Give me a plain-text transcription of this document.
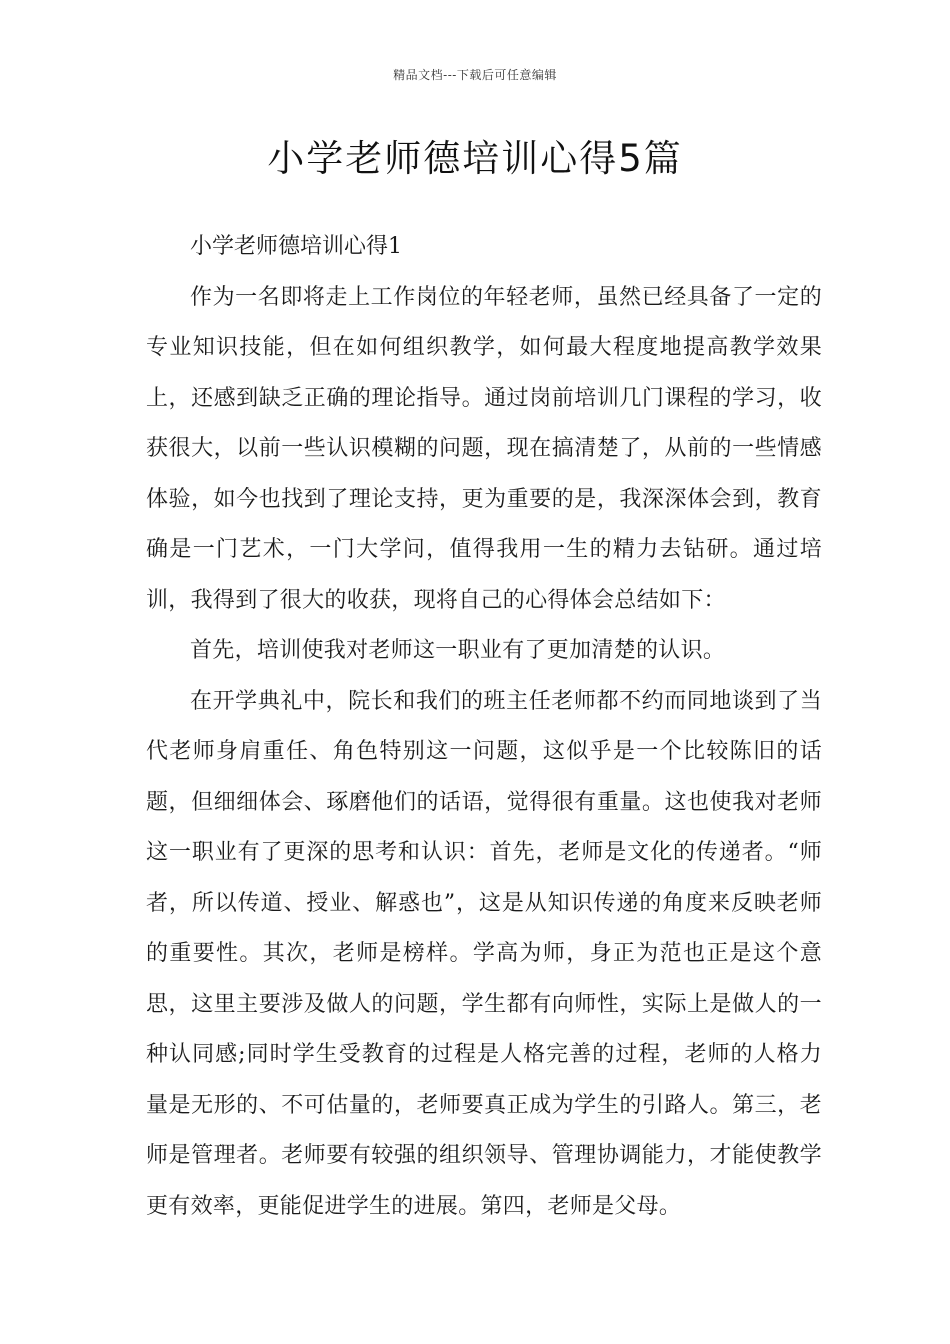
精品文档---下载后可任意编辑
小学老师德培训心得5篇

小学老师德培训心得1

作为一名即将走上工作岗位的年轻老师，虽然已经具备了一定的专业知识技能，但在如何组织教学，如何最大程度地提高教学效果上，还感到缺乏正确的理论指导。通过岗前培训几门课程的学习，收获很大，以前一些认识模糊的问题，现在搞清楚了，从前的一些情感体验，如今也找到了理论支持，更为重要的是，我深深体会到，教育确是一门艺术，一门大学问，值得我用一生的精力去钻研。通过培训，我得到了很大的收获，现将自己的心得体会总结如下：

首先，培训使我对老师这一职业有了更加清楚的认识。

在开学典礼中，院长和我们的班主任老师都不约而同地谈到了当代老师身肩重任、角色特别这一问题，这似乎是一个比较陈旧的话题，但细细体会、琢磨他们的话语，觉得很有重量。这也使我对老师这一职业有了更深的思考和认识：首先，老师是文化的传递者。“师者，所以传道、授业、解惑也”，这是从知识传递的角度来反映老师的重要性。其次，老师是榜样。学高为师，身正为范也正是这个意思，这里主要涉及做人的问题，学生都有向师性，实际上是做人的一种认同感;同时学生受教育的过程是人格完善的过程，老师的人格力量是无形的、不可估量的，老师要真正成为学生的引路人。第三，老师是管理者。老师要有较强的组织领导、管理协调能力，才能使教学更有效率，更能促进学生的进展。第四，老师是父母。
